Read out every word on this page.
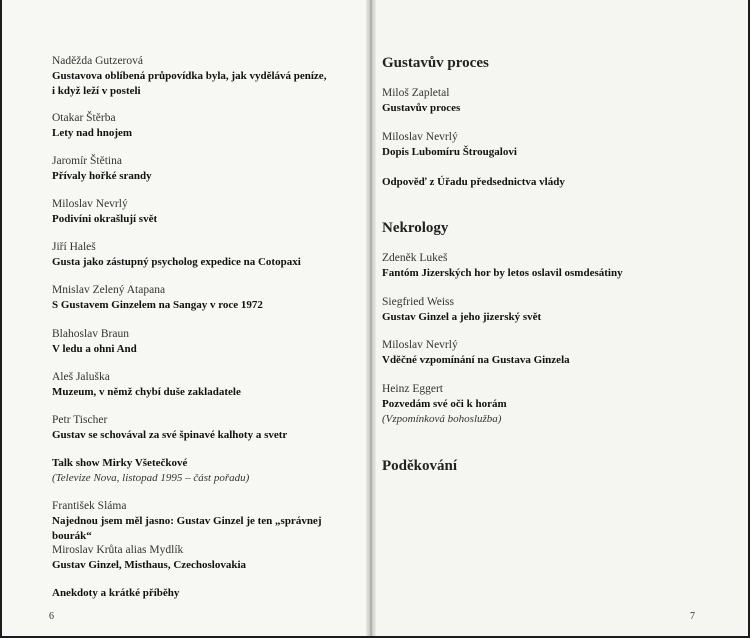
Naděžda Gutzerová
Gustavova oblíbená průpovídka byla, jak vydělává peníze,
i když leží v posteli
Otakar Štěrba
Lety nad hnojem
Jaromír Štětina
Přívaly hořké srandy
Miloslav Nevrlý
Podivíni okrašlují svět
Jiří Haleš
Gusta jako zástupný psycholog expedice na Cotopaxi
Mnislav Zelený Atapana
S Gustavem Ginzelem na Sangay v roce 1972
Blahoslav Braun
V ledu a ohni And
Aleš Jaluška
Muzeum, v němž chybí duše zakladatele
Petr Tischer
Gustav se schovával za své špinavé kalhoty a svetr
Talk show Mirky Všetečkové
(Televize Nova, listopad 1995 – část pořadu)
František Sláma
Najednou jsem měl jasno: Gustav Ginzel je ten „správnej bourák“
Miroslav Krůta alias Mydlík
Gustav Ginzel, Misthaus, Czechoslovakia
Anekdoty a krátké příběhy
6
Gustavův proces
Miloš Zapletal
Gustavův proces
Miloslav Nevrlý
Dopis Lubomíru Štrougalovi
Odpověď z Úřadu předsednictva vlády
Nekrology
Zdeněk Lukeš
Fantóm Jizerských hor by letos oslavil osmdesátiny
Siegfried Weiss
Gustav Ginzel a jeho jizerský svět
Miloslav Nevrlý
Vděčné vzpomínání na Gustava Ginzela
Heinz Eggert
Pozvedám své oči k horám
(Vzpomínková bohoslužba)
Poděkování
7
